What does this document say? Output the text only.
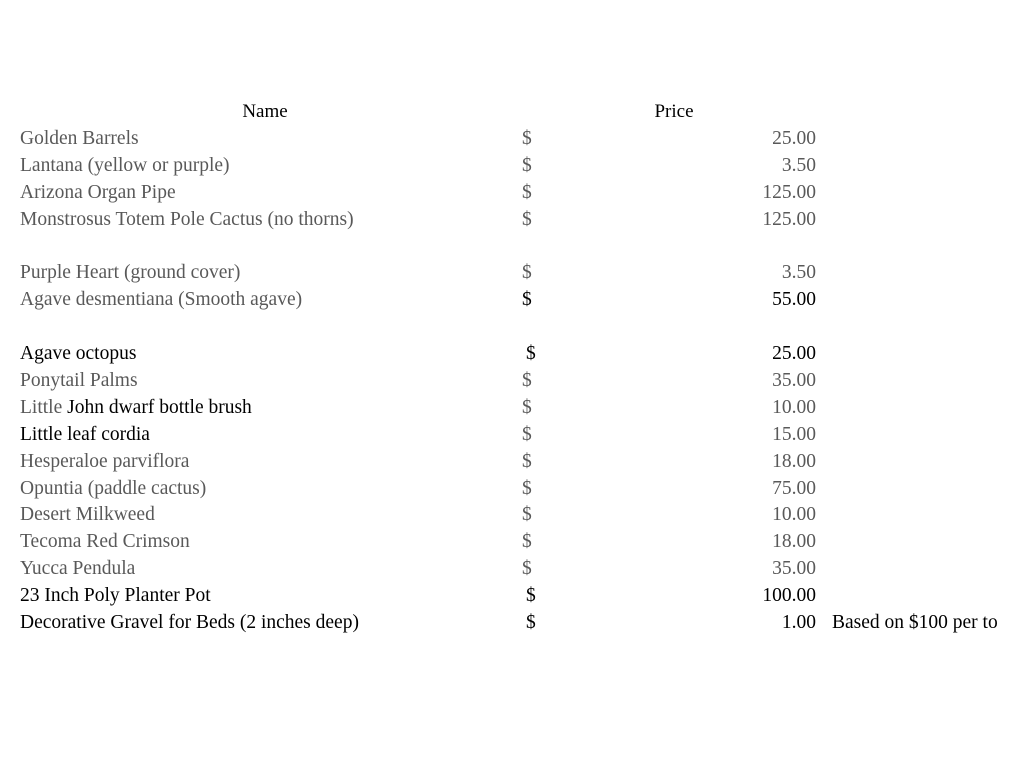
Name	Price
Golden Barrels	$	25.00
Lantana (yellow or purple)	$	3.50
Arizona Organ Pipe	$	125.00
Monstrosus Totem Pole Cactus (no thorns)	$	125.00
Purple Heart (ground cover)	$	3.50
Agave desmentiana (Smooth agave)	$	55.00
Agave octopus	$	25.00
Ponytail Palms	$	35.00
Little John dwarf bottle brush	$	10.00
Little leaf cordia	$	15.00
Hesperaloe parviflora	$	18.00
Opuntia (paddle cactus)	$	75.00
Desert Milkweed	$	10.00
Tecoma Red Crimson	$	18.00
Yucca Pendula	$	35.00
23 Inch Poly Planter Pot	$	100.00
Decorative Gravel for Beds (2 inches deep)	$	1.00 Based on $100 per to
